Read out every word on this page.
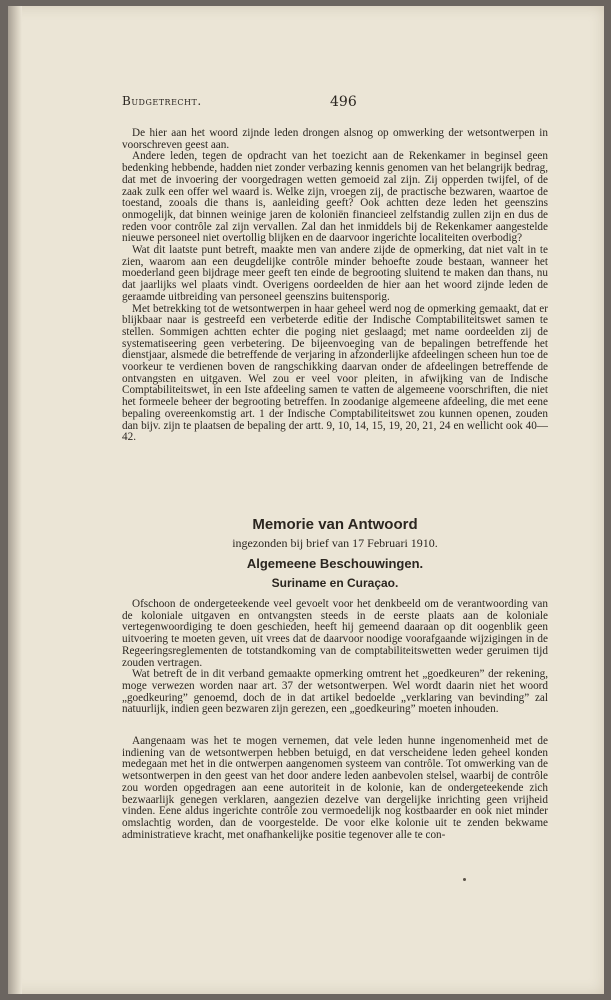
Budgetrecht.	496

De hier aan het woord zijnde leden drongen alsnog op omwerking der wetsontwerpen in voorschreven geest aan.

Andere leden, tegen de opdracht van het toezicht aan de Rekenkamer in beginsel geen bedenking hebbende, hadden niet zonder verbazing kennis genomen van het belangrijk bedrag, dat met de invoering der voorgedragen wetten gemoeid zal zijn. Zij opperden twijfel, of de zaak zulk een offer wel waard is. Welke zijn, vroegen zij, de practische bezwaren, waartoe de toestand, zooals die thans is, aanleiding geeft? Ook achtten deze leden het geenszins onmogelijk, dat binnen weinige jaren de koloniën financieel zelfstandig zullen zijn en dus de reden voor contrôle zal zijn vervallen. Zal dan het inmiddels bij de Rekenkamer aangestelde nieuwe personeel niet overtollig blijken en de daarvoor ingerichte localiteiten overbodig?

Wat dit laatste punt betreft, maakte men van andere zijde de opmerking, dat niet valt in te zien, waarom aan een deugdelijke contrôle minder behoefte zoude bestaan, wanneer het moederland geen bijdrage meer geeft ten einde de begrooting sluitend te maken dan thans, nu dat jaarlijks wel plaats vindt. Overigens oordeelden de hier aan het woord zijnde leden de geraamde uitbreiding van personeel geenszins buitensporig.

Met betrekking tot de wetsontwerpen in haar geheel werd nog de opmerking gemaakt, dat er blijkbaar naar is gestreefd een verbeterde editie der Indische Comptabiliteitswet samen te stellen. Sommigen achtten echter die poging niet geslaagd; met name oordeelden zij de systematiseering geen verbetering. De bijeenvoeging van de bepalingen betreffende het dienstjaar, alsmede die betreffende de verjaring in afzonderlijke afdeelingen scheen hun toe de voorkeur te verdienen boven de rangschikking daarvan onder de afdeelingen betreffende de ontvangsten en uitgaven. Wel zou er veel voor pleiten, in afwijking van de Indische Comptabiliteitswet, in een Iste afdeeling samen te vatten de algemeene voorschriften, die niet het formeele beheer der begrooting betreffen. In zoodanige algemeene afdeeling, die met eene bepaling overeenkomstig art. 1 der Indische Comptabiliteitswet zou kunnen openen, zouden dan bijv. zijn te plaatsen de bepaling der artt. 9, 10, 14, 15, 19, 20, 21, 24 en wellicht ook 40—42.

Memorie van Antwoord
ingezonden bij brief van 17 Februari 1910.
Algemeene Beschouwingen.
Suriname en Curaçao.

Ofschoon de ondergeteekende veel gevoelt voor het denkbeeld om de verantwoording van de koloniale uitgaven en ontvangsten steeds in de eerste plaats aan de koloniale vertegenwoordiging te doen geschieden, heeft hij gemeend daaraan op dit oogenblik geen uitvoering te moeten geven, uit vrees dat de daarvoor noodige voorafgaande wijzigingen in de Regeeringsreglementen de totstandkoming van de comptabiliteitswetten weder geruimen tijd zouden vertragen.

Wat betreft de in dit verband gemaakte opmerking omtrent het „goedkeuren” der rekening, moge verwezen worden naar art. 37 der wetsontwerpen. Wel wordt daarin niet het woord „goedkeuring” genoemd, doch de in dat artikel bedoelde „verklaring van bevinding” zal natuurlijk, indien geen bezwaren zijn gerezen, een „goedkeuring” moeten inhouden.

Aangenaam was het te mogen vernemen, dat vele leden hunne ingenomenheid met de indiening van de wetsontwerpen hebben betuigd, en dat verscheidene leden geheel konden medegaan met het in die ontwerpen aangenomen systeem van contrôle. Tot omwerking van de wetsontwerpen in den geest van het door andere leden aanbevolen stelsel, waarbij de contrôle zou worden opgedragen aan eene autoriteit in de kolonie, kan de ondergeteekende zich bezwaarlijk genegen verklaren, aangezien dezelve van dergelijke inrichting geen vrijheid vinden. Eene aldus ingerichte contrôle zou vermoedelijk nog kostbaarder en ook niet minder omslachtig worden, dan de voorgestelde. De voor elke kolonie uit te zenden bekwame administratieve kracht, met onafhankelijke positie tegenover alle te con-
